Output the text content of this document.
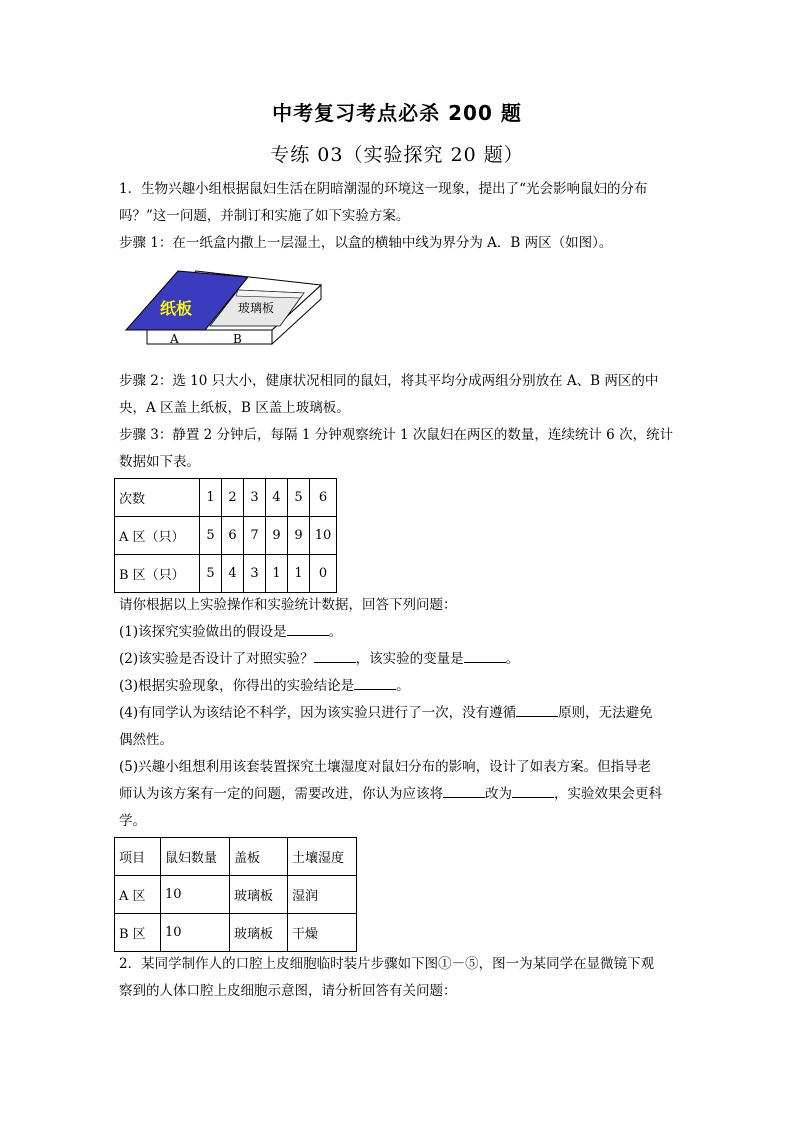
中考复习考点必杀 200 题
专练 03（实验探究 20 题）
1．生物兴趣小组根据鼠妇生活在阴暗潮湿的环境这一现象，提出了“光会影响鼠妇的分布
吗？”这一问题，并制订和实施了如下实验方案。
步骤 1：在一纸盒内撒上一层湿土，以盒的横轴中线为界分为 A．B 两区（如图）。
纸板	玻璃板
A	B
步骤 2：选 10 只大小，健康状况相同的鼠妇，将其平均分成两组分别放在 A、B 两区的中
央，A 区盖上纸板，B 区盖上玻璃板。
步骤 3：静置 2 分钟后，每隔 1 分钟观察统计 1 次鼠妇在两区的数量，连续统计 6 次，统计
数据如下表。
次数	1	2	3	4	5	6
A 区（只）	5	6	7	9	9	10
B 区（只）	5	4	3	1	1	0
请你根据以上实验操作和实验统计数据，回答下列问题：
(1)该探究实验做出的假设是	。
(2)该实验是否设计了对照实验？	，该实验的变量是	。
(3)根据实验现象，你得出的实验结论是	。
(4)有同学认为该结论不科学，因为该实验只进行了一次，没有遵循	原则，无法避免
偶然性。
(5)兴趣小组想利用该套装置探究土壤湿度对鼠妇分布的影响，设计了如表方案。但指导老
师认为该方案有一定的问题，需要改进，你认为应该将	改为	，实验效果会更科
学。
项目	鼠妇数量	盖板	土壤湿度
A 区	10	玻璃板	湿润
B 区	10	玻璃板	干燥
2．某同学制作人的口腔上皮细胞临时装片步骤如下图①－⑤，图一为某同学在显微镜下观
察到的人体口腔上皮细胞示意图，请分析回答有关问题：
